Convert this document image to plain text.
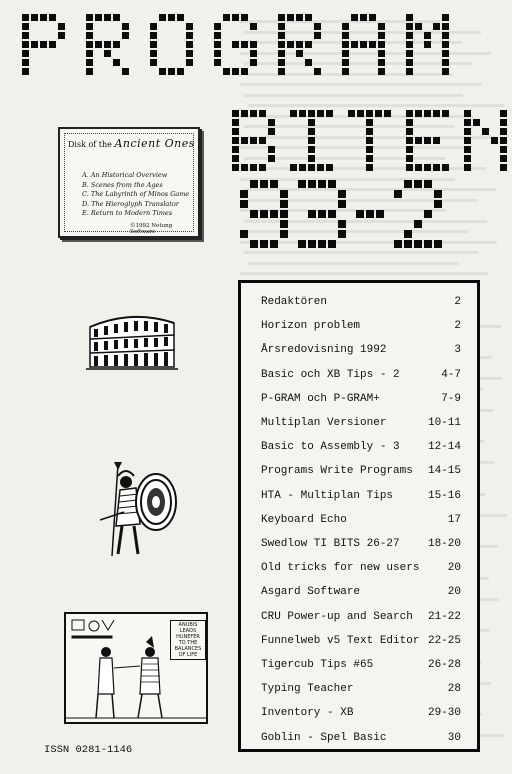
Disk of the Ancient Ones
A. An Historical Overview
B. Scenes from the Ages
C. The Labyrinth of Minos Game
D. The Hieroglyph Translator
E. Return to Modern Times
©1992 Notung Software
ANUBIS LEADS HUNEFER TO THE BALANCES OF LIFE
Redaktören	2
Horizon problem	2
Årsredovisning 1992	3
Basic och XB Tips - 2	4-7
P-GRAM och P-GRAM+	7-9
Multiplan Versioner	10-11
Basic to Assembly - 3	12-14
Programs Write Programs 14-15
HTA - Multiplan Tips	15-16
Keyboard Echo	17
Swedlow TI BITS 26-27	18-20
Old tricks for new users	20
Asgard Software	20
CRU Power-up and Search 21-22
Funnelweb v5 Text Editor 22-25
Tigercub Tips #65	26-28
Typing Teacher	28
Inventory - XB	29-30
Goblin - Spel Basic	30
ISSN 0281-1146
